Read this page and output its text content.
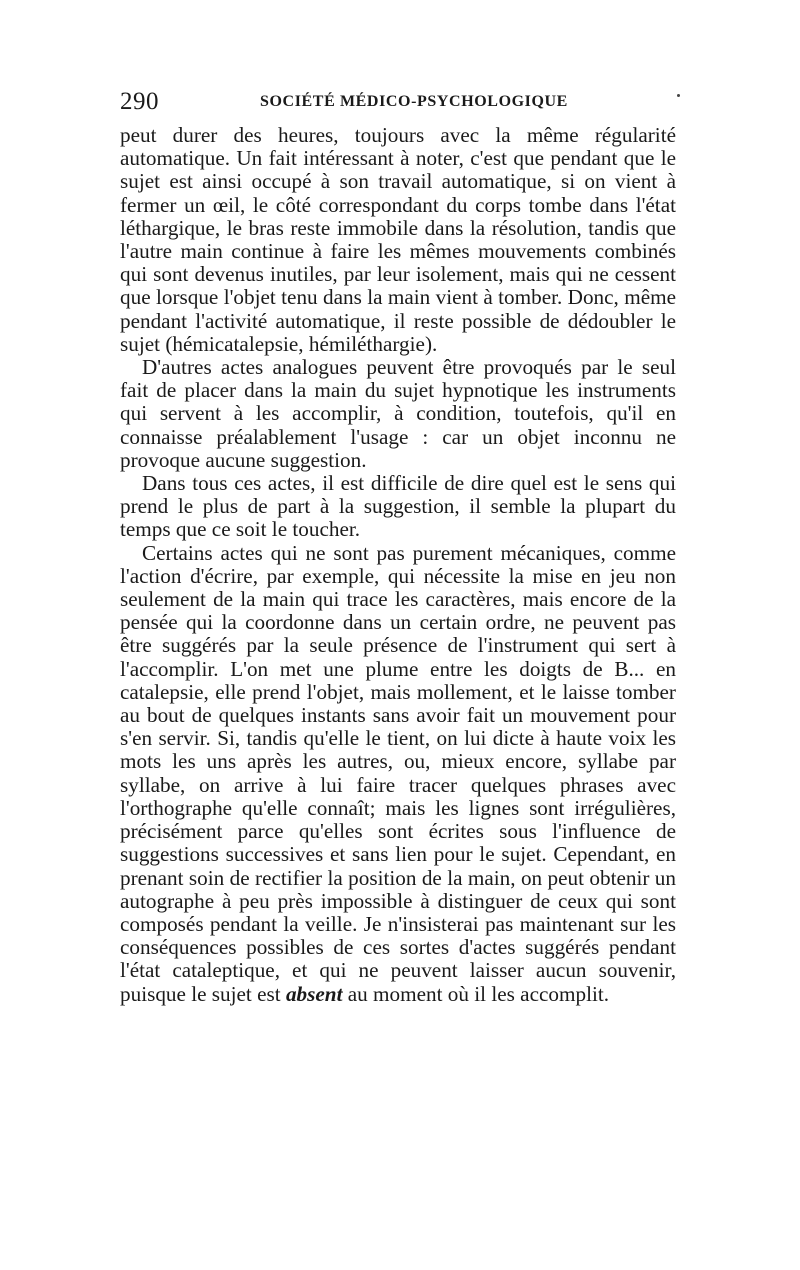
290	SOCIÉTÉ MÉDICO-PSYCHOLOGIQUE

peut durer des heures, toujours avec la même régularité automatique. Un fait intéressant à noter, c'est que pendant que le sujet est ainsi occupé à son travail automatique, si on vient à fermer un œil, le côté correspondant du corps tombe dans l'état léthargique, le bras reste immobile dans la résolution, tandis que l'autre main continue à faire les mêmes mouvements combinés qui sont devenus inutiles, par leur isolement, mais qui ne cessent que lorsque l'objet tenu dans la main vient à tomber. Donc, même pendant l'activité automatique, il reste possible de dédoubler le sujet (hémicatalepsie, hémiléthargie).

D'autres actes analogues peuvent être provoqués par le seul fait de placer dans la main du sujet hypnotique les instruments qui servent à les accomplir, à condition, toutefois, qu'il en connaisse préalablement l'usage : car un objet inconnu ne provoque aucune suggestion.

Dans tous ces actes, il est difficile de dire quel est le sens qui prend le plus de part à la suggestion, il semble la plupart du temps que ce soit le toucher.

Certains actes qui ne sont pas purement mécaniques, comme l'action d'écrire, par exemple, qui nécessite la mise en jeu non seulement de la main qui trace les caractères, mais encore de la pensée qui la coordonne dans un certain ordre, ne peuvent pas être suggérés par la seule présence de l'instrument qui sert à l'accomplir. L'on met une plume entre les doigts de B... en catalepsie, elle prend l'objet, mais mollement, et le laisse tomber au bout de quelques instants sans avoir fait un mouvement pour s'en servir. Si, tandis qu'elle le tient, on lui dicte à haute voix les mots les uns après les autres, ou, mieux encore, syllabe par syllabe, on arrive à lui faire tracer quelques phrases avec l'orthographe qu'elle connaît; mais les lignes sont irrégulières, précisément parce qu'elles sont écrites sous l'influence de suggestions successives et sans lien pour le sujet. Cependant, en prenant soin de rectifier la position de la main, on peut obtenir un autographe à peu près impossible à distinguer de ceux qui sont composés pendant la veille. Je n'insisterai pas maintenant sur les conséquences possibles de ces sortes d'actes suggérés pendant l'état cataleptique, et qui ne peuvent laisser aucun souvenir, puisque le sujet est absent au moment où il les accomplit.
